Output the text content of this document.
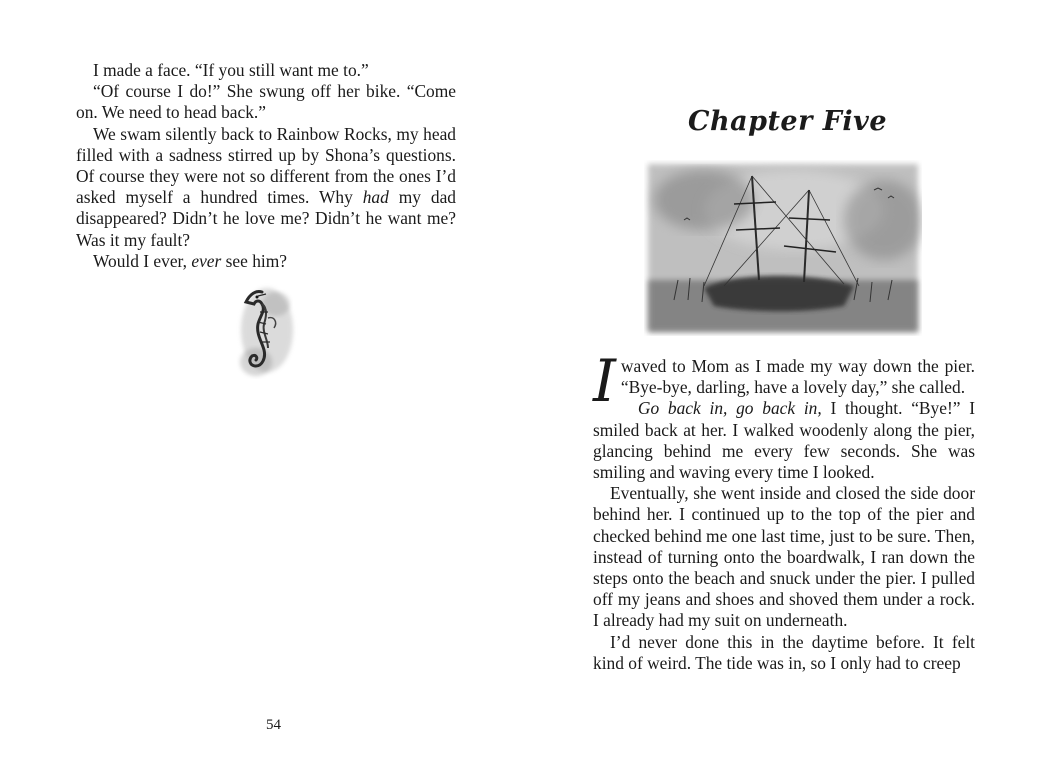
I made a face. “If you still want me to.”

“Of course I do!” She swung off her bike. “Come on. We need to head back.”

We swam silently back to Rainbow Rocks, my head filled with a sadness stirred up by Shona’s questions. Of course they were not so different from the ones I’d asked myself a hundred times. Why had my dad disappeared? Didn’t he love me? Didn’t he want me? Was it my fault?

Would I ever, ever see him?

54
Chapter Five

Iwaved to Mom as I made my way down the pier. “Bye-bye, darling, have a lovely day,” she called.

Go back in, go back in, I thought. “Bye!” I smiled back at her. I walked woodenly along the pier, glancing behind me every few seconds. She was smiling and waving every time I looked.

Eventually, she went inside and closed the side door behind her. I continued up to the top of the pier and checked behind me one last time, just to be sure. Then, instead of turning onto the boardwalk, I ran down the steps onto the beach and snuck under the pier. I pulled off my jeans and shoes and shoved them under a rock. I already had my suit on underneath.

I’d never done this in the daytime before. It felt kind of weird. The tide was in, so I only had to creep
